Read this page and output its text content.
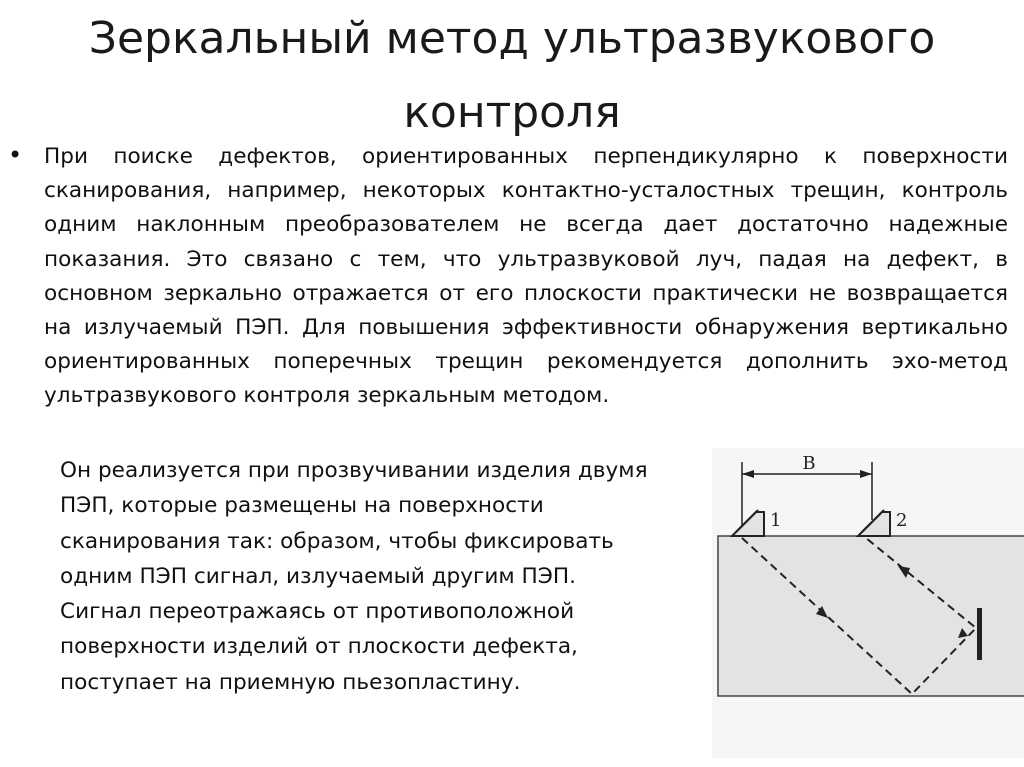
Зеркальный метод ультразвукового контроля
• При поиске дефектов, ориентированных перпендикулярно к поверхности сканирования, например, некоторых контактно-усталостных трещин, контроль одним наклонным преобразователем не всегда дает достаточно надежные показания. Это связано с тем, что ультразвуковой луч, падая на дефект, в основном зеркально отражается от его плоскости практически не возвращается на излучаемый ПЭП. Для повышения эффективности обнаружения вертикально ориентированных поперечных трещин рекомендуется дополнить эхо-метод ультразвукового контроля зеркальным методом.

Он реализуется при прозвучивании изделия двумя
ПЭП, которые размещены на поверхности
сканирования так: образом, чтобы фиксировать
одним ПЭП сигнал, излучаемый другим ПЭП.
Сигнал переотражаясь от противоположной
поверхности изделий от плоскости дефекта,
поступает на приемную пьезопластину.

B
1	2
